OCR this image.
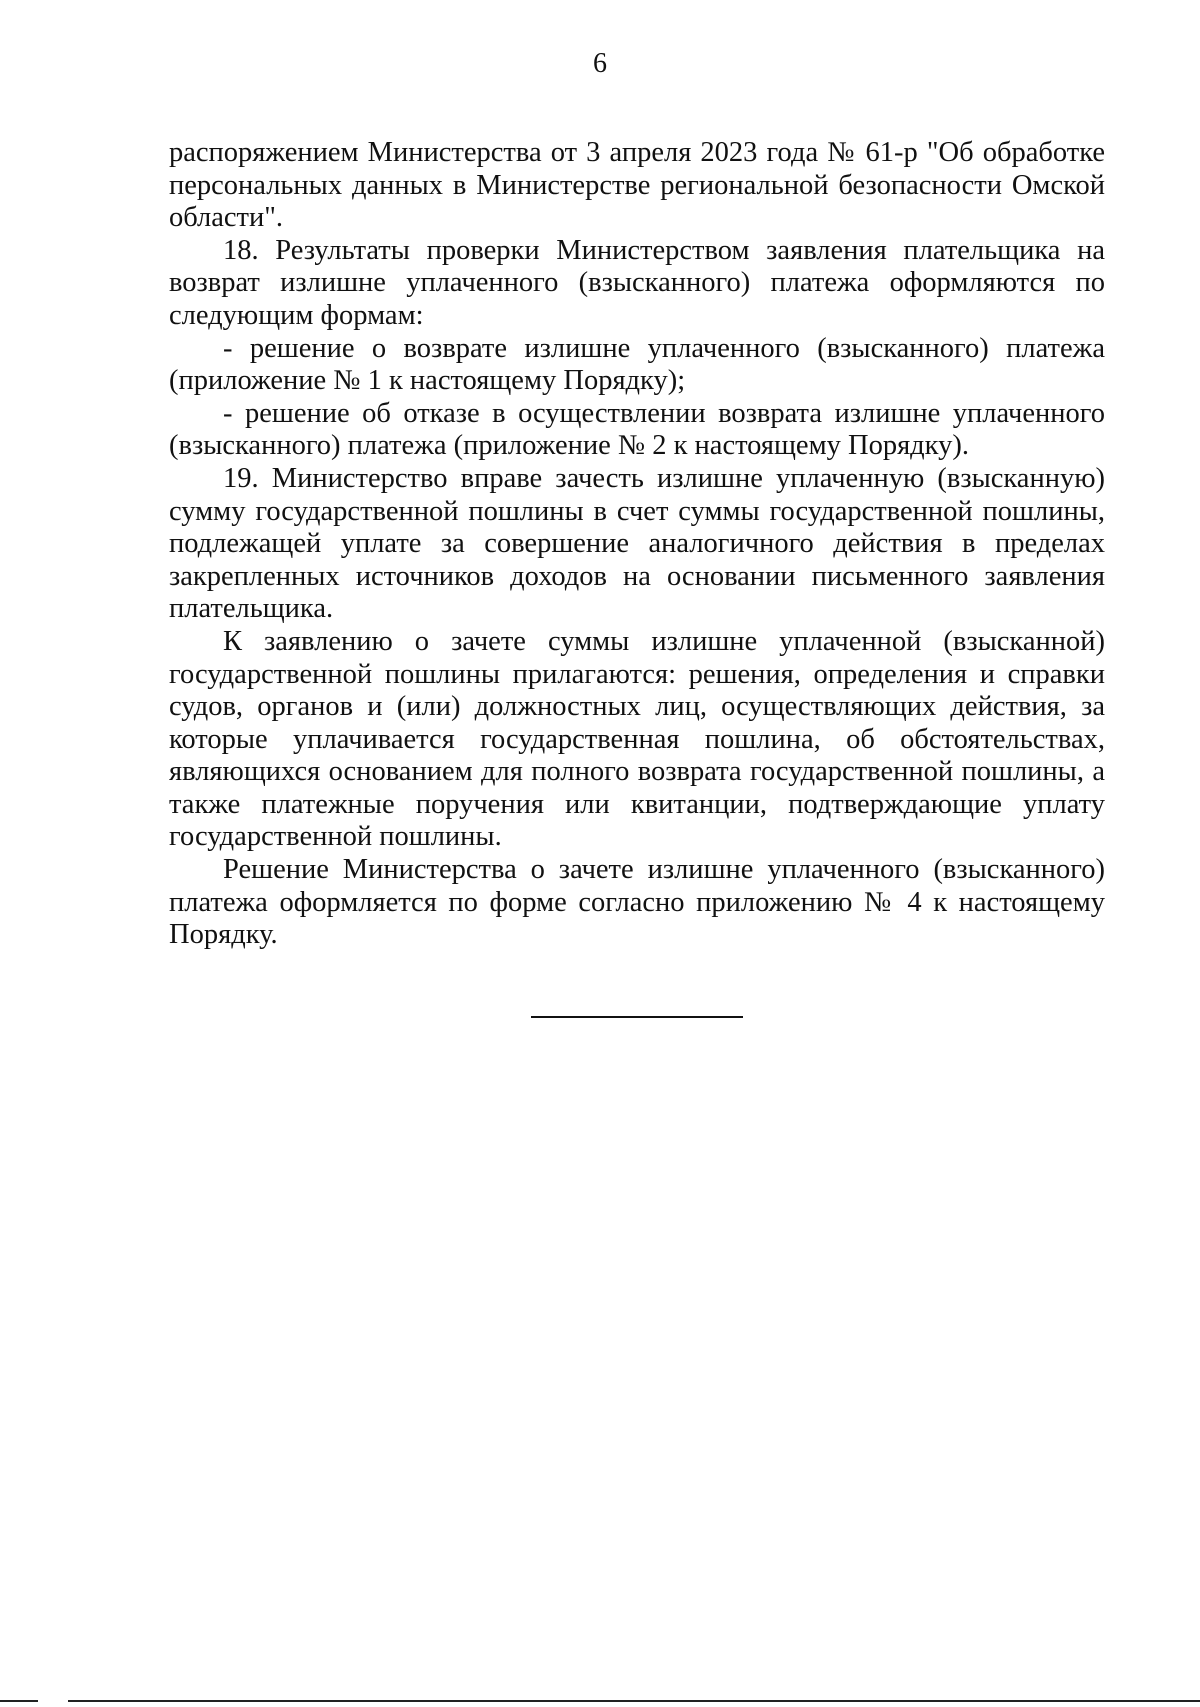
6

распоряжением Министерства от 3 апреля 2023 года № 61-р "Об обработке персональных данных в Министерстве региональной безопасности Омской области".

18. Результаты проверки Министерством заявления плательщика на возврат излишне уплаченного (взысканного) платежа оформляются по следующим формам:

- решение о возврате излишне уплаченного (взысканного) платежа (приложение № 1 к настоящему Порядку);

- решение об отказе в осуществлении возврата излишне уплаченного (взысканного) платежа (приложение № 2 к настоящему Порядку).

19. Министерство вправе зачесть излишне уплаченную (взысканную) сумму государственной пошлины в счет суммы государственной пошлины, подлежащей уплате за совершение аналогичного действия в пределах закрепленных источников доходов на основании письменного заявления плательщика.

К заявлению о зачете суммы излишне уплаченной (взысканной) государственной пошлины прилагаются: решения, определения и справки судов, органов и (или) должностных лиц, осуществляющих действия, за которые уплачивается государственная пошлина, об обстоятельствах, являющихся основанием для полного возврата государственной пошлины, а также платежные поручения или квитанции, подтверждающие уплату государственной пошлины.

Решение Министерства о зачете излишне уплаченного (взысканного) платежа оформляется по форме согласно приложению № 4 к настоящему Порядку.
